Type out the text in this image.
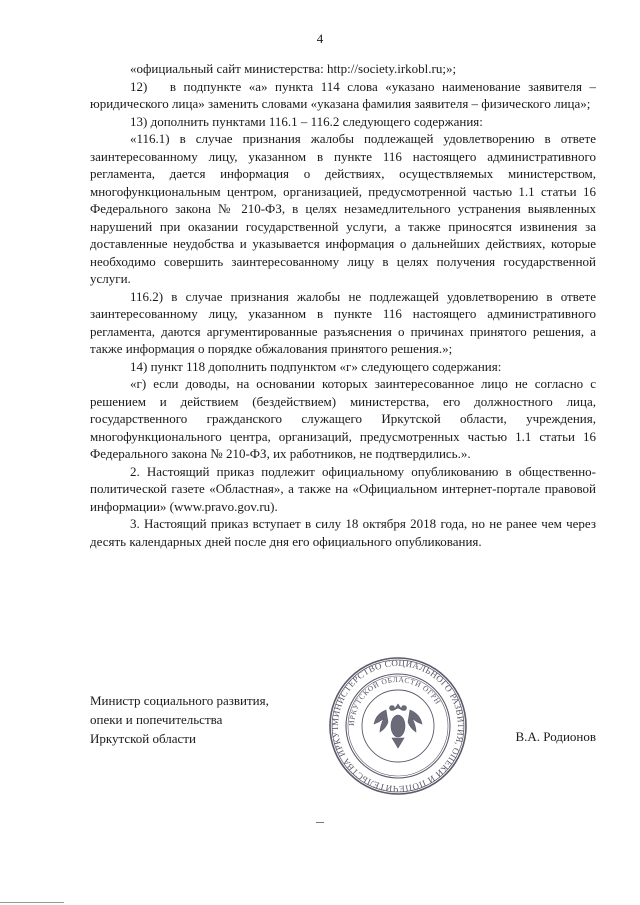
4

«официальный сайт министерства: http://society.irkobl.ru;»;

12)   в подпункте «а» пункта 114 слова «указано наименование заявителя – юридического лица» заменить словами «указана фамилия заявителя – физического лица»;

13) дополнить пунктами 116.1 – 116.2 следующего содержания:

«116.1) в случае признания жалобы подлежащей удовлетворению в ответе заинтересованному лицу, указанном в пункте 116 настоящего административного регламента, дается информация о действиях, осуществляемых министерством, многофункциональным центром, организацией, предусмотренной частью 1.1 статьи 16 Федерального закона № 210-ФЗ, в целях незамедлительного устранения выявленных нарушений при оказании государственной услуги, а также приносятся извинения за доставленные неудобства и указывается информация о дальнейших действиях, которые необходимо совершить заинтересованному лицу в целях получения государственной услуги.

116.2) в случае признания жалобы не подлежащей удовлетворению в ответе заинтересованному лицу, указанном в пункте 116 настоящего административного регламента, даются аргументированные разъяснения о причинах принятого решения, а также информация о порядке обжалования принятого решения.»;

14) пункт 118 дополнить подпунктом «г» следующего содержания:

«г) если доводы, на основании которых заинтересованное лицо не согласно с решением и действием (бездействием) министерства, его должностного лица, государственного гражданского служащего Иркутской области, учреждения, многофункционального центра, организаций, предусмотренных частью 1.1 статьи 16 Федерального закона № 210-ФЗ, их работников, не подтвердились.».

2. Настоящий приказ подлежит официальному опубликованию в общественно-политической газете «Областная», а также на «Официальном интернет-портале правовой информации» (www.pravo.gov.ru).

3. Настоящий приказ вступает в силу 18 октября 2018 года, но не ранее чем через десять календарных дней после дня его официального опубликования.

МИНИСТЕРСТВО СОЦИАЛЬНОГО РАЗВИТИЯ, ОПЕКИ И ПОПЕЧИТЕЛЬСТВА ИРКУТ
ИРКУТСКОЙ ОБЛАСТИ ОГРН
Министр социального развития,
опеки и попечительства
Иркутской области	В.А. Родионов
